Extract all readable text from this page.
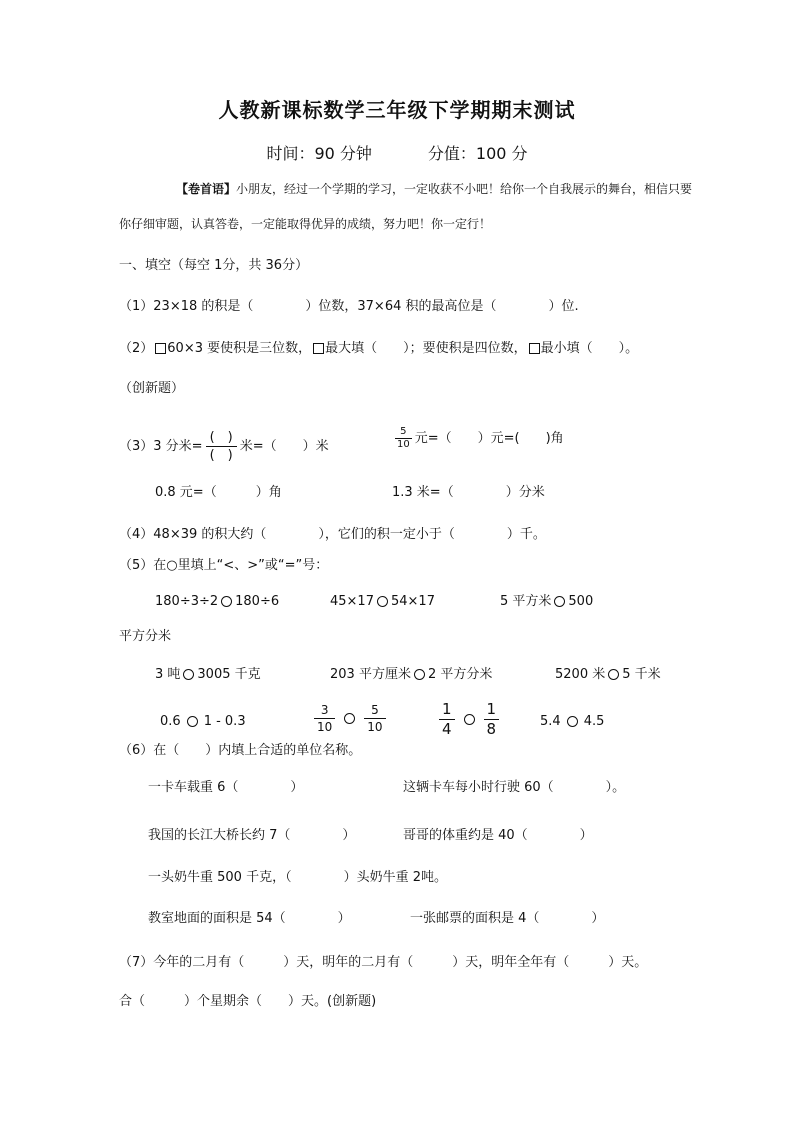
人教新课标数学三年级下学期期末测试
时间：90 分钟	分值：100 分
【卷首语】小朋友，经过一个学期的学习，一定收获不小吧！给你一个自我展示的舞台，相信只要
你仔细审题，认真答卷，一定能取得优异的成绩，努力吧！你一定行！
一、填空（每空 1分，共 36分）
（1）23×18 的积是（　　　　）位数，37×64 积的最高位是（　　　　）位.
（2） 60×3 要使积是三位数， 最大填（　　）；要使积是四位数， 最小填（　　）。
（创新题）
（3）3 分米=
(　)
(　)
米=（　　）米	$\frac{5}{10}$ 元=（　　）元=(　　)角
0.8 元=（　　　）角	1.3 米=（　　　　）分米
（4）48×39 的积大约（　　　　），它们的积一定小于（　　　　）千。
（5）在○里填上“<、>”或“=”号：
180÷3÷2 180÷6	45×17 54×17	5 平方米 500
平方分米
3 吨 3005 千克	203 平方厘米 2 平方分米	5200 米 5 千米
0.6 1 - 0.3	$\frac{3}{10} \frac{5}{10}$	$\frac{1}{4} \frac{1}{8}$	5.4 4.5
（6）在（　　）内填上合适的单位名称。
一卡车载重 6（　　　　）	这辆卡车每小时行驶 60（　　　　）。
我国的长江大桥长约 7（　　　　）	哥哥的体重约是 40（　　　　）
一头奶牛重 500 千克，（　　　　）头奶牛重 2吨。
教室地面的面积是 54（　　　　）	一张邮票的面积是 4（　　　　）
（7）今年的二月有（　　　）天，明年的二月有（　　　）天，明年全年有（　　　）天。
合（　　　）个星期余（　　）天。(创新题)
